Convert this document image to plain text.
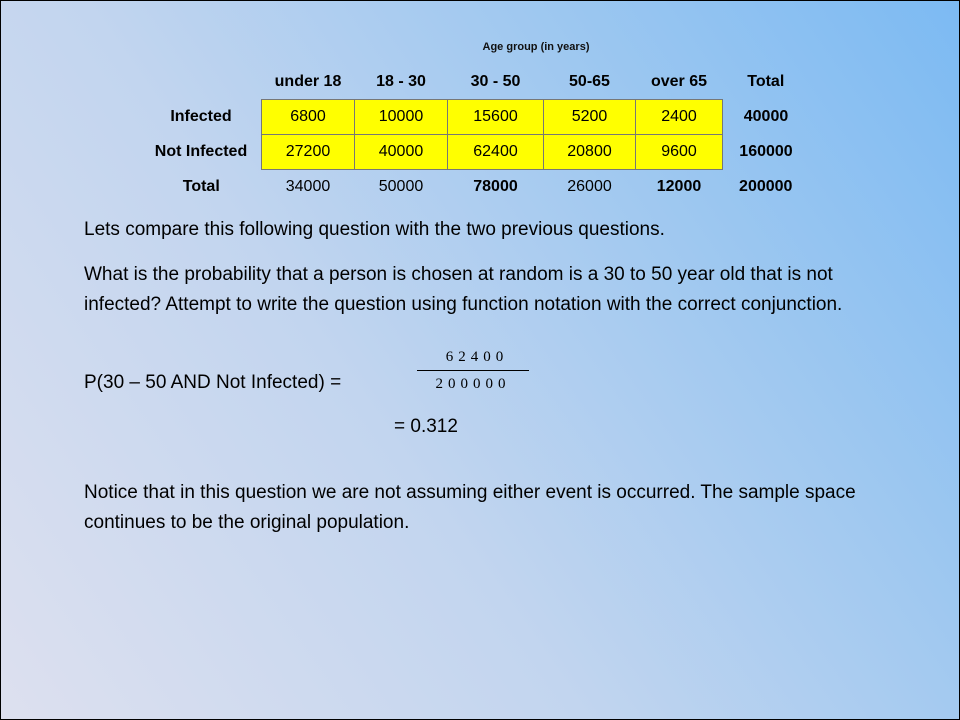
Age group (in years)
	under 18	18 - 30	30 - 50	50-65	over 65	Total
Infected	6800	10000	15600	5200	2400	40000
Not Infected	27200	40000	62400	20800	9600	160000
Total	34000	50000	78000	26000	12000	200000
Lets compare this following question with the two previous questions.
What is the probability that a person is chosen at random is a 30 to 50 year old that is not infected? Attempt to write the question using function notation with the correct conjunction.
P(30 – 50 AND Not Infected) =
62400
200000
= 0.312
Notice that in this question we are not assuming either event is occurred. The sample space continues to be the original population.
